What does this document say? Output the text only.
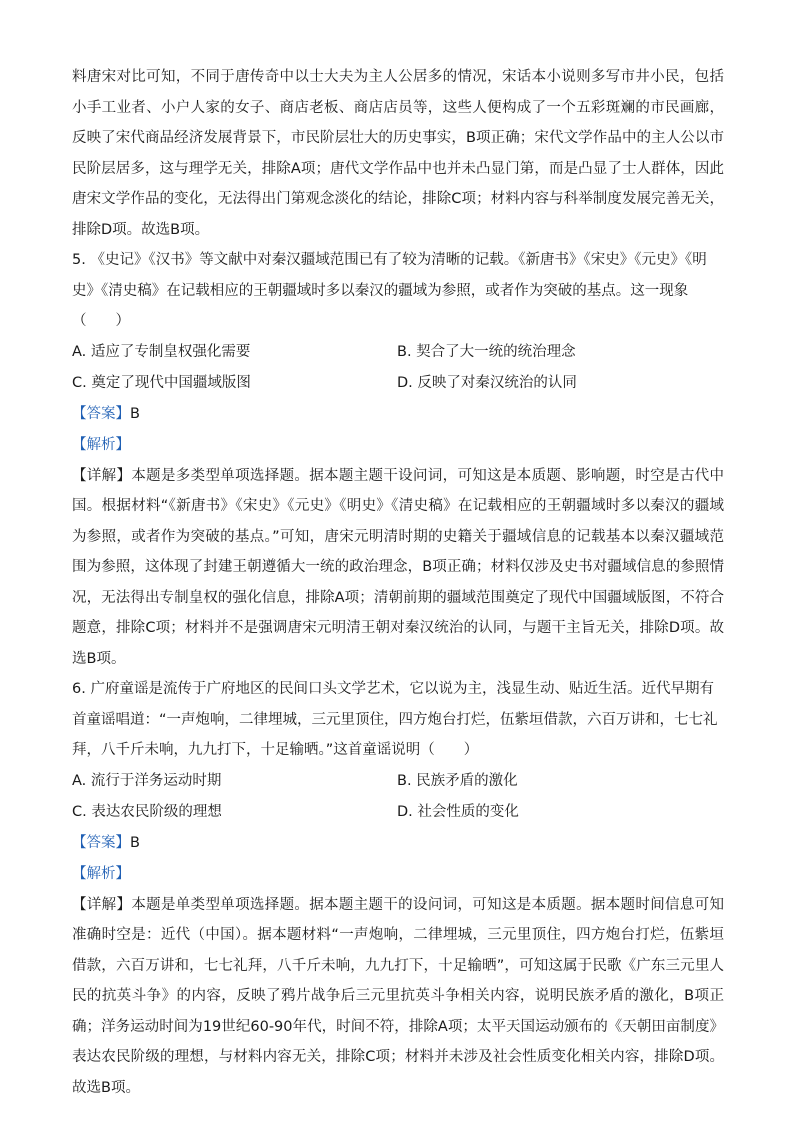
料唐宋对比可知，不同于唐传奇中以士大夫为主人公居多的情况，宋话本小说则多写市井小民，包括小手工业者、小户人家的女子、商店老板、商店店员等，这些人便构成了一个五彩斑斓的市民画廊，反映了宋代商品经济发展背景下，市民阶层壮大的历史事实，B项正确；宋代文学作品中的主人公以市民阶层居多，这与理学无关，排除A项；唐代文学作品中也并未凸显门第，而是凸显了士人群体，因此唐宋文学作品的变化，无法得出门第观念淡化的结论，排除C项；材料内容与科举制度发展完善无关，排除D项。故选B项。

5. 《史记》《汉书》等文献中对秦汉疆域范围已有了较为清晰的记载。《新唐书》《宋史》《元史》《明史》《清史稿》在记载相应的王朝疆域时多以秦汉的疆域为参照，或者作为突破的基点。这一现象（　　）

A. 适应了专制皇权强化需要	B. 契合了大一统的统治理念
C. 奠定了现代中国疆域版图	D. 反映了对秦汉统治的认同
【答案】B
【解析】

【详解】本题是多类型单项选择题。据本题主题干设问词，可知这是本质题、影响题，时空是古代中国。根据材料“《新唐书》《宋史》《元史》《明史》《清史稿》在记载相应的王朝疆域时多以秦汉的疆域为参照，或者作为突破的基点。”可知，唐宋元明清时期的史籍关于疆域信息的记载基本以秦汉疆域范围为参照，这体现了封建王朝遵循大一统的政治理念，B项正确；材料仅涉及史书对疆域信息的参照情况，无法得出专制皇权的强化信息，排除A项；清朝前期的疆域范围奠定了现代中国疆域版图，不符合题意，排除C项；材料并不是强调唐宋元明清王朝对秦汉统治的认同，与题干主旨无关，排除D项。故选B项。

6. 广府童谣是流传于广府地区的民间口头文学艺术，它以说为主，浅显生动、贴近生活。近代早期有首童谣唱道：“一声炮响，二律埋城，三元里顶住，四方炮台打烂，伍紫垣借款，六百万讲和，七七礼拜，八千斤未响，九九打下，十足输晒。”这首童谣说明（　　）

A. 流行于洋务运动时期	B. 民族矛盾的激化
C. 表达农民阶级的理想	D. 社会性质的变化
【答案】B
【解析】

【详解】本题是单类型单项选择题。据本题主题干的设问词，可知这是本质题。据本题时间信息可知准确时空是：近代（中国）。据本题材料“一声炮响，二律埋城，三元里顶住，四方炮台打烂，伍紫垣借款，六百万讲和，七七礼拜，八千斤未响，九九打下，十足输晒”，可知这属于民歌《广东三元里人民的抗英斗争》的内容，反映了鸦片战争后三元里抗英斗争相关内容，说明民族矛盾的激化，B项正确；洋务运动时间为19世纪60-90年代，时间不符，排除A项；太平天国运动颁布的《天朝田亩制度》表达农民阶级的理想，与材料内容无关，排除C项；材料并未涉及社会性质变化相关内容，排除D项。故选B项。
